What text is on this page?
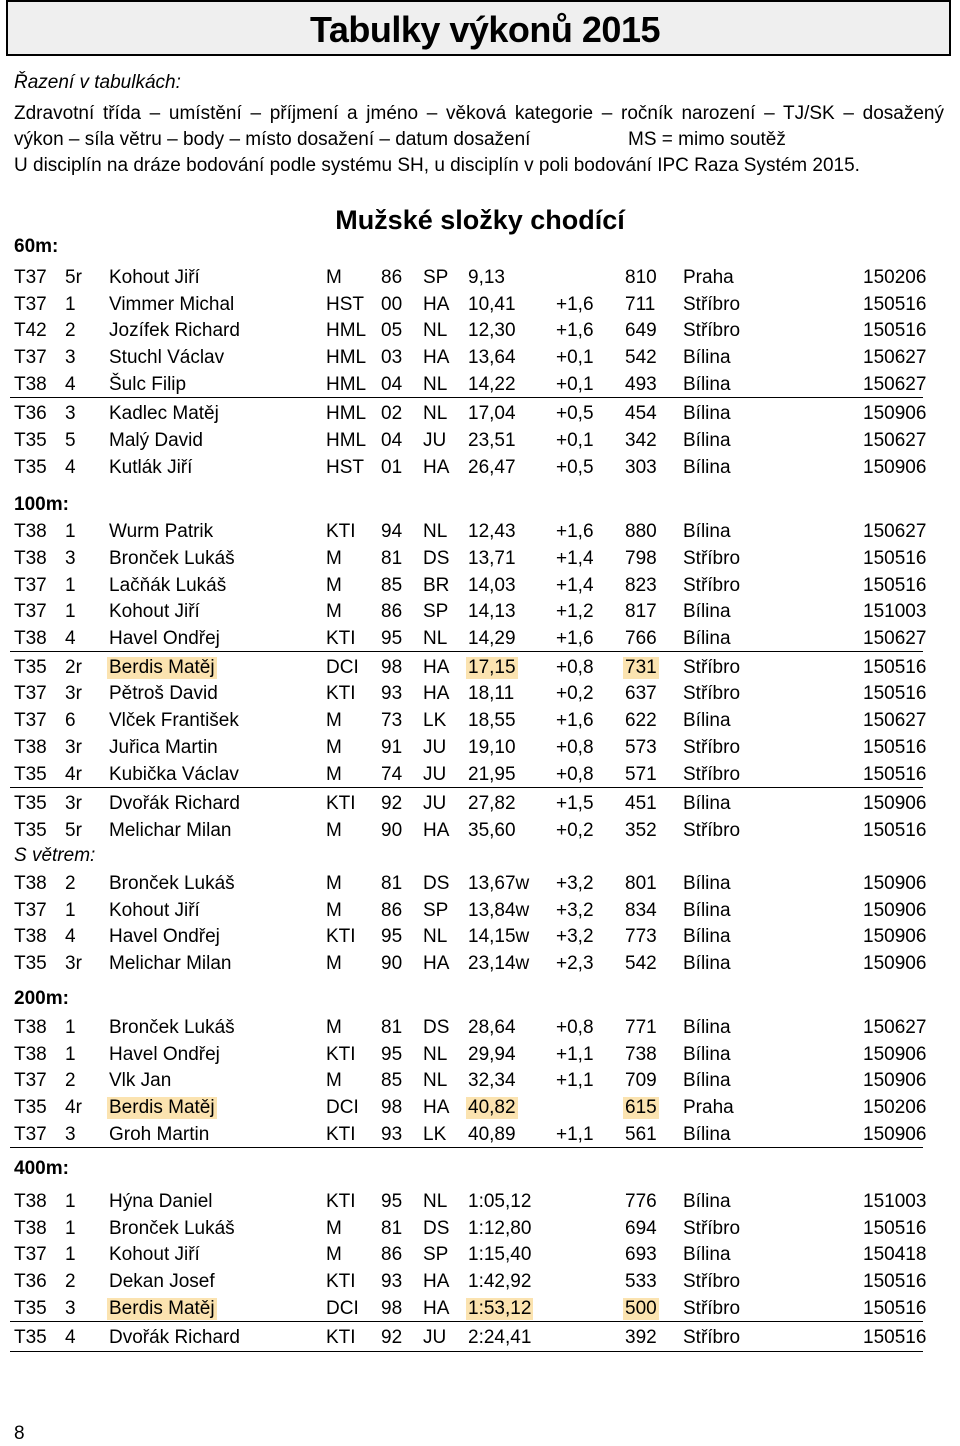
Tabulky výkonů 2015
Řazení v tabulkách:
Zdravotní třída – umístění – příjmení a jméno – věková kategorie – ročník narození – TJ/SK – dosažený
výkon – síla větru – body – místo dosažení – datum dosažení	MS = mimo soutěž
U disciplín na dráze bodování podle systému SH, u disciplín v poli bodování IPC Raza Systém 2015.
Mužské složky chodící
60m:
T37 5r Kohout Jiří	M 86 SP 9,13	810 Praha	150206
T37 1 Vimmer Michal	HST 00 HA 10,41 +1,6 711 Stříbro	150516
T42 2 Jozífek Richard	HML 05 NL 12,30 +1,6 649 Stříbro	150516
T37 3 Stuchl Václav	HML 03 HA 13,64 +0,1 542 Bílina	150627
T38 4 Šulc Filip	HML 04 NL 14,22 +0,1 493 Bílina	150627
T36 3 Kadlec Matěj	HML 02 NL 17,04 +0,5 454 Bílina	150906
T35 5 Malý David	HML 04 JU 23,51 +0,1 342 Bílina	150627
T35 4 Kutlák Jiří	HST 01 HA 26,47 +0,5 303 Bílina	150906
100m:
T38 1 Wurm Patrik	KTI 94 NL 12,43 +1,6 880 Bílina	150627
T38 3 Bronček Lukáš	M 81 DS 13,71 +1,4 798 Stříbro	150516
T37 1 Lačňák Lukáš	M 85 BR 14,03 +1,4 823 Stříbro	150516
T37 1 Kohout Jiří	M 86 SP 14,13 +1,2 817 Bílina	151003
T38 4 Havel Ondřej	KTI 95 NL 14,29 +1,6 766 Bílina	150627
T35 2r Berdis Matěj	DCI 98 HA 17,15 +0,8 731 Stříbro	150516
T37 3r Pětroš David	KTI 93 HA 18,11 +0,2 637 Stříbro	150516
T37 6 Vlček František	M 73 LK 18,55 +1,6 622 Bílina	150627
T38 3r Juřica Martin	M 91 JU 19,10 +0,8 573 Stříbro	150516
T35 4r Kubička Václav	M 74 JU 21,95 +0,8 571 Stříbro	150516
T35 3r Dvořák Richard	KTI 92 JU 27,82 +1,5 451 Bílina	150906
T35 5r Melichar Milan	M 90 HA 35,60 +0,2 352 Stříbro	150516
S větrem:
T38 2 Bronček Lukáš	M 81 DS 13,67w +3,2 801 Bílina	150906
T37 1 Kohout Jiří	M 86 SP 13,84w +3,2 834 Bílina	150906
T38 4 Havel Ondřej	KTI 95 NL 14,15w +3,2 773 Bílina	150906
T35 3r Melichar Milan	M 90 HA 23,14w +2,3 542 Bílina	150906
200m:
T38 1 Bronček Lukáš	M 81 DS 28,64 +0,8 771 Bílina	150627
T38 1 Havel Ondřej	KTI 95 NL 29,94 +1,1 738 Bílina	150906
T37 2 Vlk Jan	M 85 NL 32,34 +1,1 709 Bílina	150906
T35 4r Berdis Matěj	DCI 98 HA 40,82	615 Praha	150206
T37 3 Groh Martin	KTI 93 LK 40,89 +1,1 561 Bílina	150906
400m:
T38 1 Hýna Daniel	KTI 95 NL 1:05,12	776 Bílina	151003
T38 1 Bronček Lukáš	M 81 DS 1:12,80	694 Stříbro	150516
T37 1 Kohout Jiří	M 86 SP 1:15,40	693 Bílina	150418
T36 2 Dekan Josef	KTI 93 HA 1:42,92	533 Stříbro	150516
T35 3 Berdis Matěj	DCI 98 HA 1:53,12	500 Stříbro	150516
T35 4 Dvořák Richard	KTI 92 JU 2:24,41	392 Stříbro	150516
8
